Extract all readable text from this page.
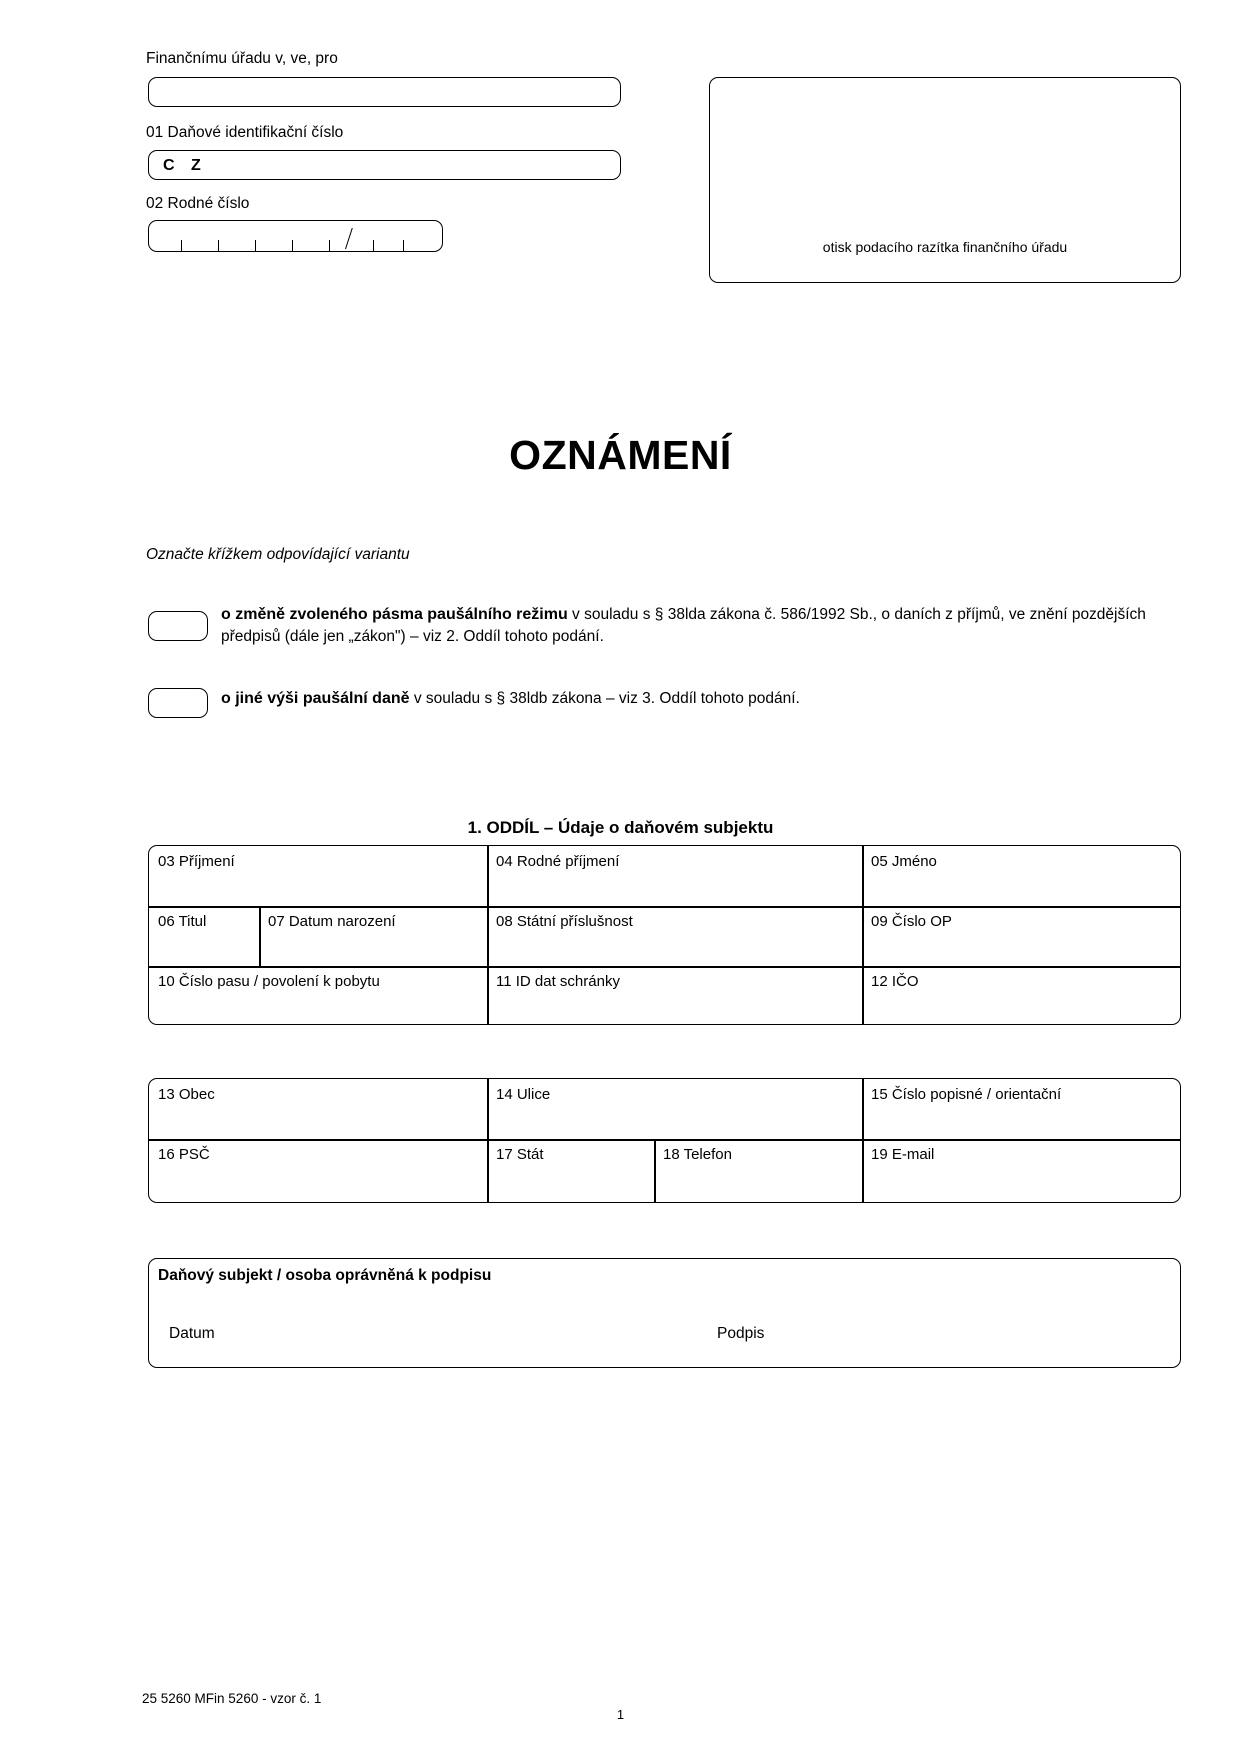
Finančnímu úřadu v, ve, pro
01 Daňové identifikační číslo
C Z
02 Rodné číslo
otisk podacího razítka finančního úřadu
OZNÁMENÍ
Označte křížkem odpovídající variantu
o změně zvoleného pásma paušálního režimu v souladu s § 38lda zákona č. 586/1992 Sb., o daních z příjmů, ve znění pozdějších předpisů (dále jen „zákon") – viz 2. Oddíl tohoto podání.
o jiné výši paušální daně v souladu s § 38ldb zákona – viz 3. Oddíl tohoto podání.
1. ODDÍL – Údaje o daňovém subjektu
03 Příjmení	04 Rodné příjmení	05 Jméno
06 Titul	07 Datum narození	08 Státní příslušnost	09 Číslo OP
10 Číslo pasu / povolení k pobytu	11 ID dat schránky	12 IČO
13 Obec	14 Ulice	15 Číslo popisné / orientační
16 PSČ	17 Stát	18 Telefon	19 E-mail
Daňový subjekt / osoba oprávněná k podpisu
Datum	Podpis
25 5260 MFin 5260 - vzor č. 1
1
